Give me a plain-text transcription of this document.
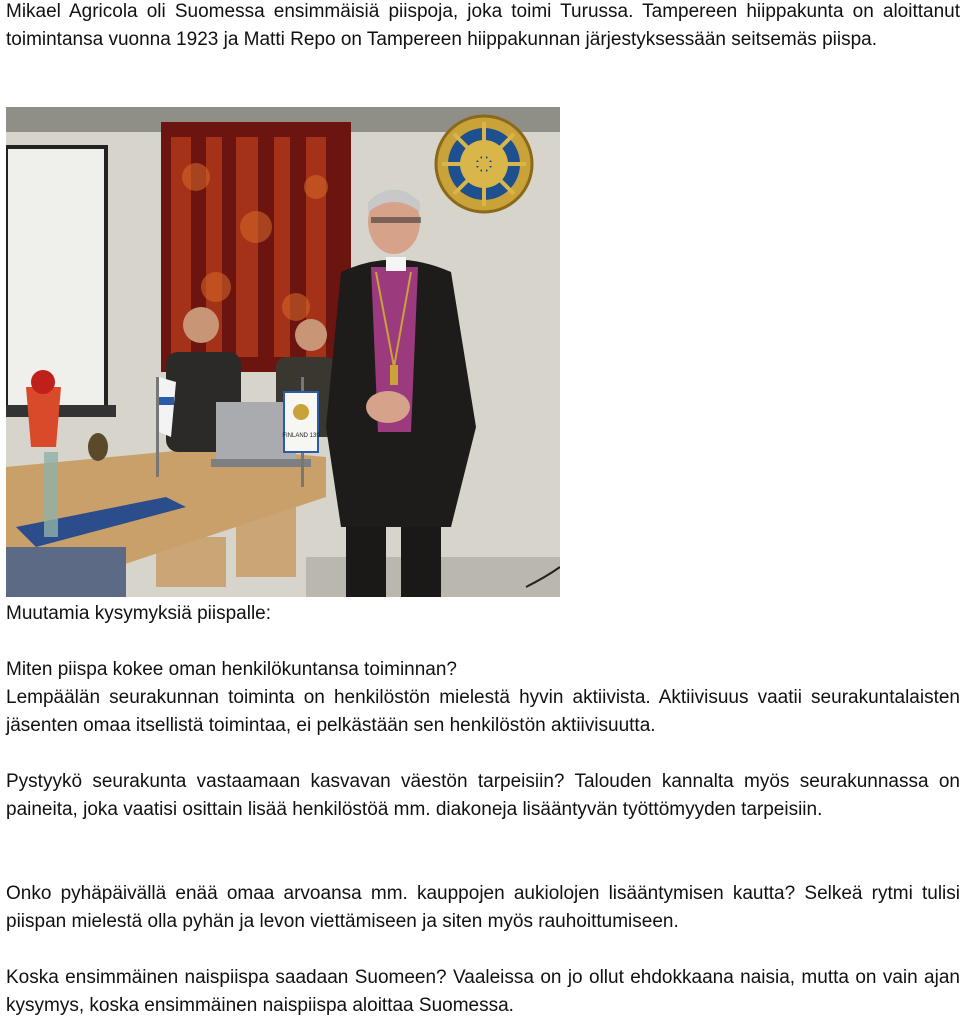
Mikael Agricola oli Suomessa ensimmäisiä piispoja, joka toimi Turussa. Tampereen hiippakunta on aloittanut toimintansa vuonna 1923 ja Matti Repo on Tampereen hiippakunnan järjestyksessään seitsemäs piispa.

FINLAND 139

Muutamia kysymyksiä piispalle:

Miten piispa kokee oman henkilökuntansa toiminnan?

Lempäälän seurakunnan toiminta on henkilöstön mielestä hyvin aktiivista. Aktiivisuus vaatii seurakuntalaisten jäsenten omaa itsellistä toimintaa, ei pelkästään sen henkilöstön aktiivisuutta.

Pystyykö seurakunta vastaamaan kasvavan väestön tarpeisiin? Talouden kannalta myös seurakunnassa on paineita, joka vaatisi osittain lisää henkilöstöä mm. diakoneja lisääntyvän työttömyyden tarpeisiin.

Onko pyhäpäivällä enää omaa arvoansa mm. kauppojen aukiolojen lisääntymisen kautta? Selkeä rytmi tulisi piispan mielestä olla pyhän ja levon viettämiseen ja siten myös rauhoittumiseen.

Koska ensimmäinen naispiispa saadaan Suomeen? Vaaleissa on jo ollut ehdokkaana naisia, mutta on vain ajan kysymys, koska ensimmäinen naispiispa aloittaa Suomessa.
